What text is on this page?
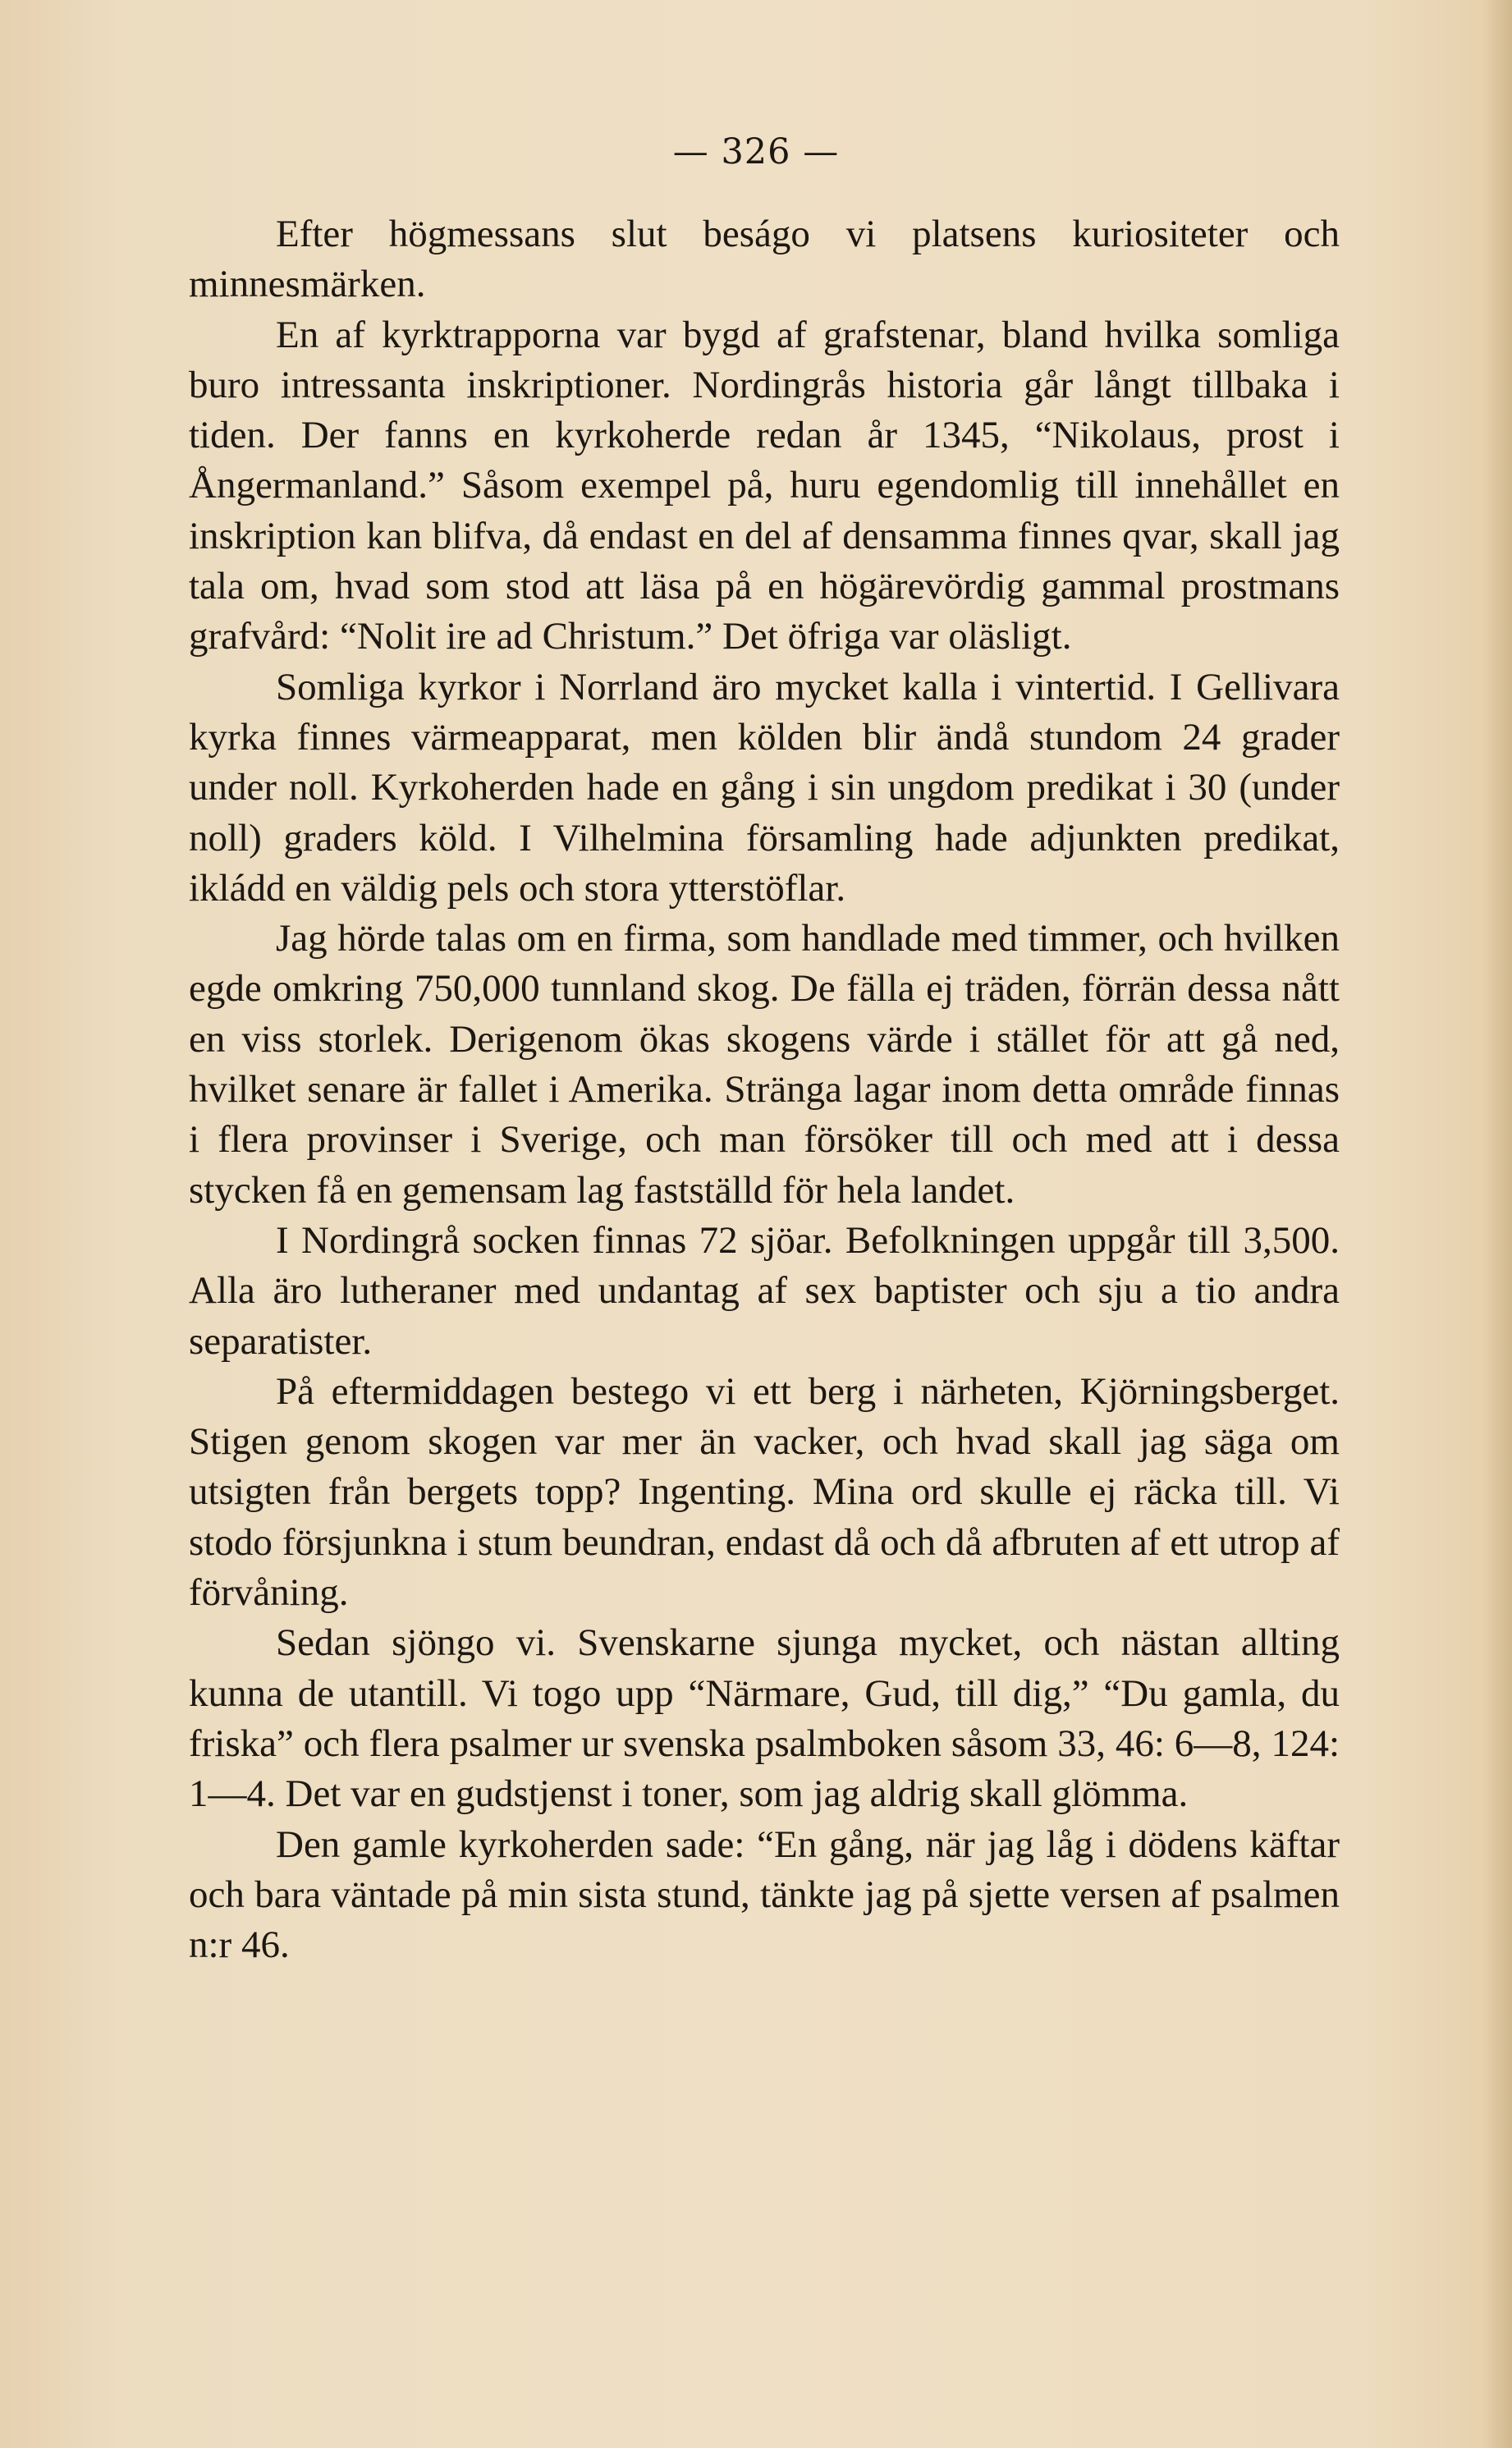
— 326 —

Efter högmessans slut beságo vi platsens kuriositeter och minnesmärken.

En af kyrktrapporna var bygd af grafstenar, bland hvilka somliga buro intressanta inskriptioner. Nordingrås historia går långt tillbaka i tiden. Der fanns en kyrkoherde redan år 1345, “Nikolaus, prost i Ångermanland.” Såsom exempel på, huru egendomlig till innehållet en inskription kan blifva, då endast en del af densamma finnes qvar, skall jag tala om, hvad som stod att läsa på en högärevördig gammal prostmans grafvård: “Nolit ire ad Christum.” Det öfriga var oläsligt.

Somliga kyrkor i Norrland äro mycket kalla i vintertid. I Gellivara kyrka finnes värmeapparat, men kölden blir ändå stundom 24 grader under noll. Kyrkoherden hade en gång i sin ungdom predikat i 30 (under noll) graders köld. I Vilhelmina församling hade adjunkten predikat, ikládd en väldig pels och stora ytterstöflar.

Jag hörde talas om en firma, som handlade med timmer, och hvilken egde omkring 750,000 tunnland skog. De fälla ej träden, förrän dessa nått en viss storlek. Derigenom ökas skogens värde i stället för att gå ned, hvilket senare är fallet i Amerika. Stränga lagar inom detta område finnas i flera provinser i Sverige, och man försöker till och med att i dessa stycken få en gemensam lag fastställd för hela landet.

I Nordingrå socken finnas 72 sjöar. Befolkningen uppgår till 3,500. Alla äro lutheraner med undantag af sex baptister och sju a tio andra separatister.

På eftermiddagen bestego vi ett berg i närheten, Kjörningsberget. Stigen genom skogen var mer än vacker, och hvad skall jag säga om utsigten från bergets topp? Ingenting. Mina ord skulle ej räcka till. Vi stodo försjunkna i stum beundran, endast då och då afbruten af ett utrop af förvåning.

Sedan sjöngo vi. Svenskarne sjunga mycket, och nästan allting kunna de utantill. Vi togo upp “Närmare, Gud, till dig,” “Du gamla, du friska” och flera psalmer ur svenska psalmboken såsom 33, 46: 6—8, 124: 1—4. Det var en gudstjenst i toner, som jag aldrig skall glömma.

Den gamle kyrkoherden sade: “En gång, när jag låg i dödens käftar och bara väntade på min sista stund, tänkte jag på sjette versen af psalmen n:r 46.
